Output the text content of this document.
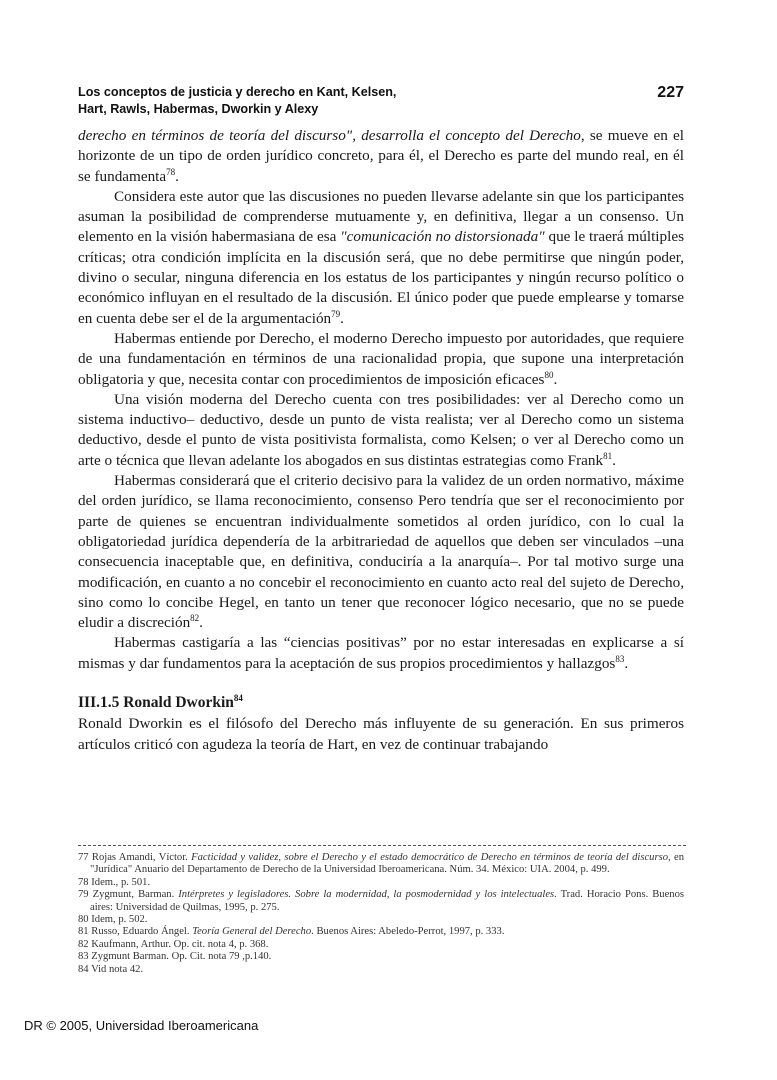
Los conceptos de justicia y derecho en Kant, Kelsen,
Hart, Rawls, Habermas, Dworkin y Alexy
227

derecho en términos de teoría del discurso", desarrolla el concepto del Derecho, se mueve en el horizonte de un tipo de orden jurídico concreto, para él, el Derecho es parte del mundo real, en él se fundamenta$^{78}$.

Considera este autor que las discusiones no pueden llevarse adelante sin que los participantes asuman la posibilidad de comprenderse mutuamente y, en definitiva, llegar a un consenso. Un elemento en la visión habermasiana de esa "comunicación no distorsionada" que le traerá múltiples críticas; otra condición implícita en la discusión será, que no debe permitirse que ningún poder, divino o secular, ninguna diferencia en los estatus de los participantes y ningún recurso político o económico influyan en el resultado de la discusión. El único poder que puede emplearse y tomarse en cuenta debe ser el de la argumentación$^{79}$.

Habermas entiende por Derecho, el moderno Derecho impuesto por autoridades, que requiere de una fundamentación en términos de una racionalidad propia, que supone una interpretación obligatoria y que, necesita contar con procedimientos de imposición eficaces$^{80}$.

Una visión moderna del Derecho cuenta con tres posibilidades: ver al Derecho como un sistema inductivo– deductivo, desde un punto de vista realista; ver al Derecho como un sistema deductivo, desde el punto de vista positivista formalista, como Kelsen; o ver al Derecho como un arte o técnica que llevan adelante los abogados en sus distintas estrategias como Frank$^{81}$.

Habermas considerará que el criterio decisivo para la validez de un orden normativo, máxime del orden jurídico, se llama reconocimiento, consenso Pero tendría que ser el reconocimiento por parte de quienes se encuentran individualmente sometidos al orden jurídico, con lo cual la obligatoriedad jurídica dependería de la arbitrariedad de aquellos que deben ser vinculados –una consecuencia inaceptable que, en definitiva, conduciría a la anarquía–. Por tal motivo surge una modificación, en cuanto a no concebir el reconocimiento en cuanto acto real del sujeto de Derecho, sino como lo concibe Hegel, en tanto un tener que reconocer lógico necesario, que no se puede eludir a discreción$^{82}$.

Habermas castigaría a las “ciencias positivas” por no estar interesadas en explicarse a sí mismas y dar fundamentos para la aceptación de sus propios procedimientos y hallazgos$^{83}$.

III.1.5 Ronald Dworkin$^{84}$

Ronald Dworkin es el filósofo del Derecho más influyente de su generación. En sus primeros artículos criticó con agudeza la teoría de Hart, en vez de continuar trabajando

77 Rojas Amandi, Víctor. Facticidad y validez, sobre el Derecho y el estado democrático de Derecho en términos de teoría del discurso, en "Jurídica" Anuario del Departamento de Derecho de la Universidad Iberoamericana. Núm. 34. México: UIA. 2004, p. 499.

78 Idem., p. 501.

79 Zygmunt, Barman. Intérpretes y legisladores. Sobre la modernidad, la posmodernidad y los intelectuales. Trad. Horacio Pons. Buenos aires: Universidad de Quilmas, 1995, p. 275.

80 Idem, p. 502.

81 Russo, Eduardo Ángel. Teoría General del Derecho. Buenos Aires: Abeledo-Perrot, 1997, p. 333.

82 Kaufmann, Arthur. Op. cit. nota 4, p. 368.

83 Zygmunt Barman. Op. Cit. nota 79 ,p.140.

84 Vid nota 42.

DR © 2005, Universidad Iberoamericana
